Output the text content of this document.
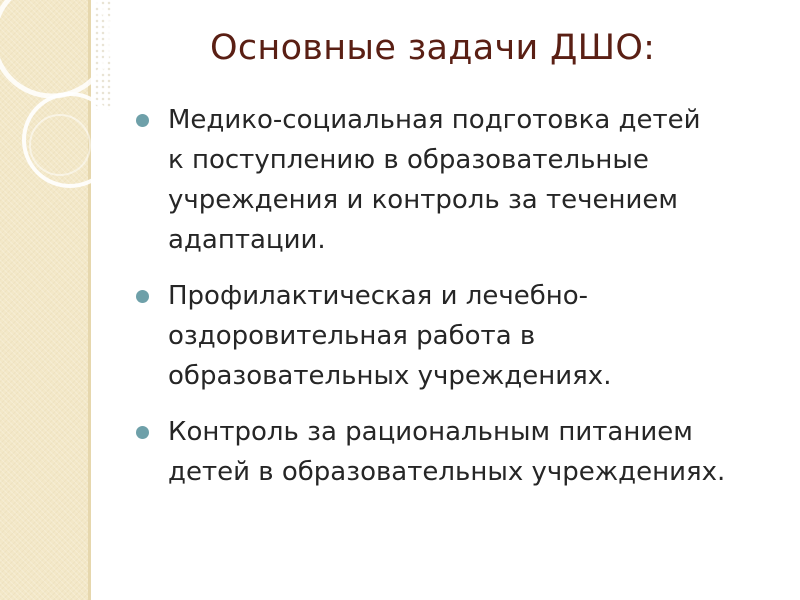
Основные задачи ДШО:
Медико-социальная подготовка детей
к поступлению в образовательные
учреждения и контроль за течением
адаптации.
Профилактическая и лечебно-
оздоровительная работа в
образовательных учреждениях.
Контроль за рациональным питанием
детей в образовательных учреждениях.
